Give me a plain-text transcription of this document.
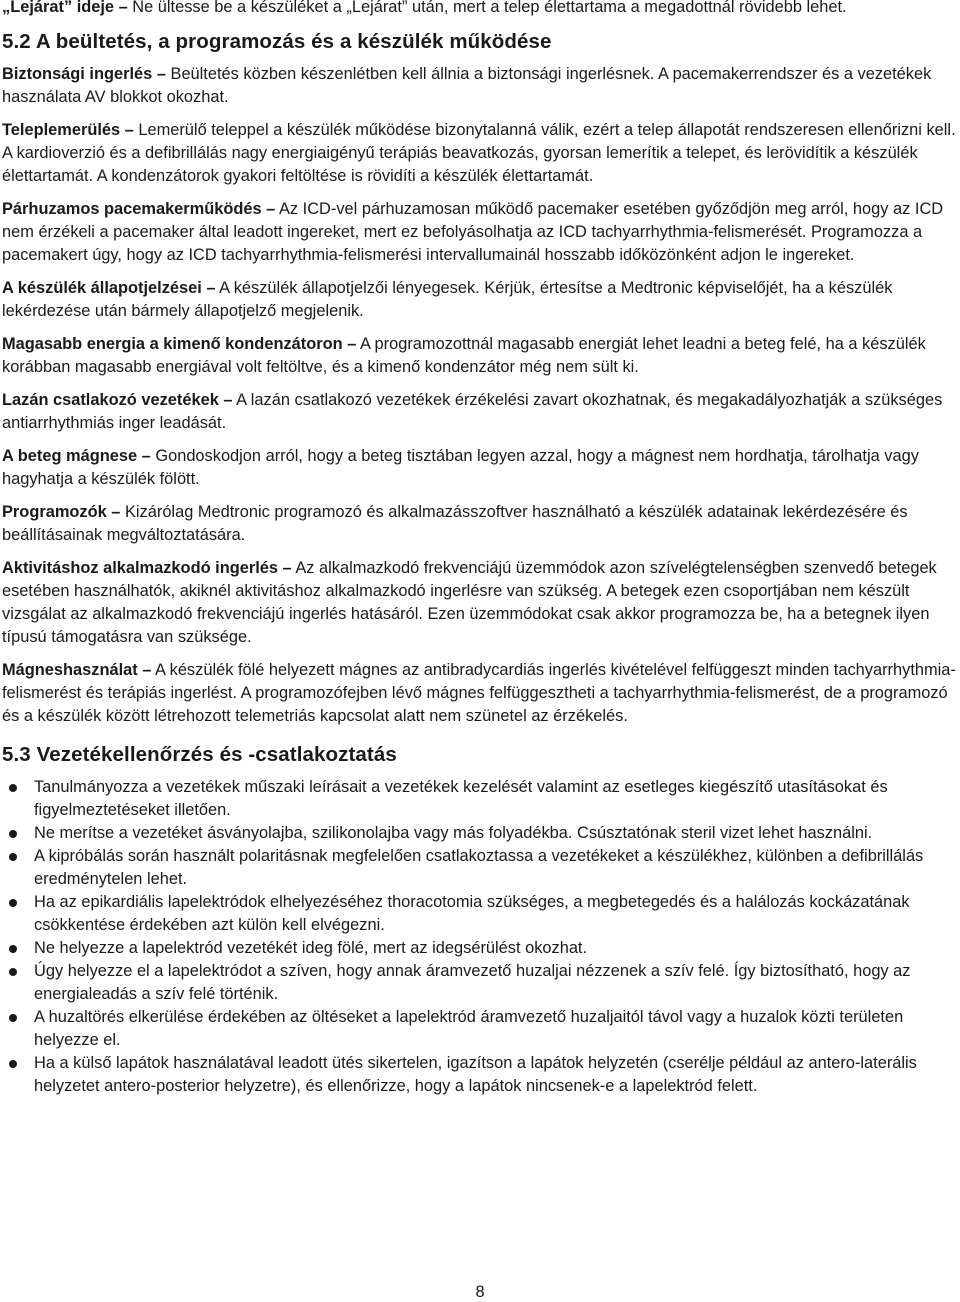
„Lejárat” ideje – Ne ültesse be a készüléket a „Lejárat” után, mert a telep élettartama a megadottnál rövidebb lehet.

5.2 A beültetés, a programozás és a készülék működése

Biztonsági ingerlés – Beültetés közben készenlétben kell állnia a biztonsági ingerlésnek. A pacemakerrendszer és a vezetékek használata AV blokkot okozhat.

Teleplemerülés – Lemerülő teleppel a készülék működése bizonytalanná válik, ezért a telep állapotát rendszeresen ellenőrizni kell. A kardioverzió és a defibrillálás nagy energiaigényű terápiás beavatkozás, gyorsan lemerítik a telepet, és lerövidítik a készülék élettartamát. A kondenzátorok gyakori feltöltése is rövidíti a készülék élettartamát.

Párhuzamos pacemakerműködés – Az ICD-vel párhuzamosan működő pacemaker esetében győződjön meg arról, hogy az ICD nem érzékeli a pacemaker által leadott ingereket, mert ez befolyásolhatja az ICD tachyarrhythmia-felismerését. Programozza a pacemakert úgy, hogy az ICD tachyarrhythmia-felismerési intervallumainál hosszabb időközönként adjon le ingereket.

A készülék állapotjelzései – A készülék állapotjelzői lényegesek. Kérjük, értesítse a Medtronic képviselőjét, ha a készülék lekérdezése után bármely állapotjelző megjelenik.

Magasabb energia a kimenő kondenzátoron – A programozottnál magasabb energiát lehet leadni a beteg felé, ha a készülék korábban magasabb energiával volt feltöltve, és a kimenő kondenzátor még nem sült ki.

Lazán csatlakozó vezetékek – A lazán csatlakozó vezetékek érzékelési zavart okozhatnak, és megakadályozhatják a szükséges antiarrhythmiás inger leadását.

A beteg mágnese – Gondoskodjon arról, hogy a beteg tisztában legyen azzal, hogy a mágnest nem hordhatja, tárolhatja vagy hagyhatja a készülék fölött.

Programozók – Kizárólag Medtronic programozó és alkalmazásszoftver használható a készülék adatainak lekérdezésére és beállításainak megváltoztatására.

Aktivitáshoz alkalmazkodó ingerlés – Az alkalmazkodó frekvenciájú üzemmódok azon szívelégtelenségben szenvedő betegek esetében használhatók, akiknél aktivitáshoz alkalmazkodó ingerlésre van szükség. A betegek ezen csoportjában nem készült vizsgálat az alkalmazkodó frekvenciájú ingerlés hatásáról. Ezen üzemmódokat csak akkor programozza be, ha a betegnek ilyen típusú támogatásra van szüksége.

Mágneshasználat – A készülék fölé helyezett mágnes az antibradycardiás ingerlés kivételével felfüggeszt minden tachyarrhythmia-felismerést és terápiás ingerlést. A programozófejben lévő mágnes felfüggesztheti a tachyarrhythmia-felismerést, de a programozó és a készülék között létrehozott telemetriás kapcsolat alatt nem szünetel az érzékelés.

5.3 Vezetékellenőrzés és -csatlakoztatás
Tanulmányozza a vezetékek műszaki leírásait a vezetékek kezelését valamint az esetleges kiegészítő utasításokat és figyelmeztetéseket illetően.
Ne merítse a vezetéket ásványolajba, szilikonolajba vagy más folyadékba. Csúsztatónak steril vizet lehet használni.
A kipróbálás során használt polaritásnak megfelelően csatlakoztassa a vezetékeket a készülékhez, különben a defibrillálás eredménytelen lehet.
Ha az epikardiális lapelektródok elhelyezéséhez thoracotomia szükséges, a megbetegedés és a halálozás kockázatának csökkentése érdekében azt külön kell elvégezni.
Ne helyezze a lapelektród vezetékét ideg fölé, mert az idegsérülést okozhat.
Úgy helyezze el a lapelektródot a szíven, hogy annak áramvezető huzaljai nézzenek a szív felé. Így biztosítható, hogy az energialeadás a szív felé történik.
A huzaltörés elkerülése érdekében az öltéseket a lapelektród áramvezető huzaljaitól távol vagy a huzalok közti területen helyezze el.
Ha a külső lapátok használatával leadott ütés sikertelen, igazítson a lapátok helyzetén (cserélje például az antero-laterális helyzetet antero-posterior helyzetre), és ellenőrizze, hogy a lapátok nincsenek-e a lapelektród felett.
8
